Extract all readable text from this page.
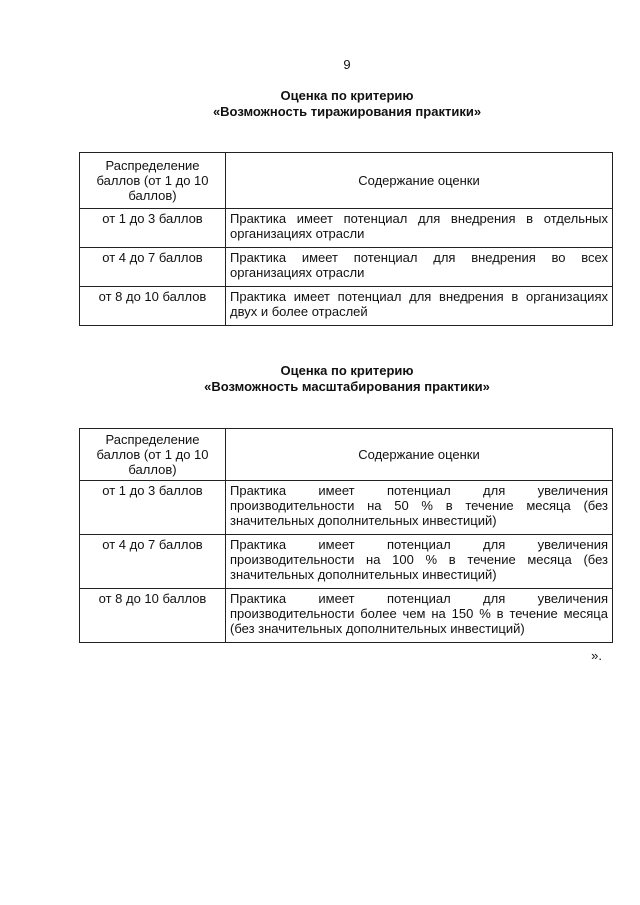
9
Оценка по критерию
«Возможность тиражирования практики»
Распределение баллов (от 1 до 10 баллов)	Содержание оценки
от 1 до 3 баллов	Практика имеет потенциал для внедрения в отдельных организациях отрасли
от 4 до 7 баллов	Практика имеет потенциал для внедрения во всех организациях отрасли
от 8 до 10 баллов	Практика имеет потенциал для внедрения в организациях двух и более отраслей
Оценка по критерию
«Возможность масштабирования практики»
Распределение баллов (от 1 до 10 баллов)	Содержание оценки
от 1 до 3 баллов	Практика имеет потенциал для увеличения производительности на 50 % в течение месяца (без значительных дополнительных инвестиций)
от 4 до 7 баллов	Практика имеет потенциал для увеличения производительности на 100 % в течение месяца (без значительных дополнительных инвестиций)
от 8 до 10 баллов	Практика имеет потенциал для увеличения производительности более чем на 150 % в течение месяца (без значительных дополнительных инвестиций)
».
